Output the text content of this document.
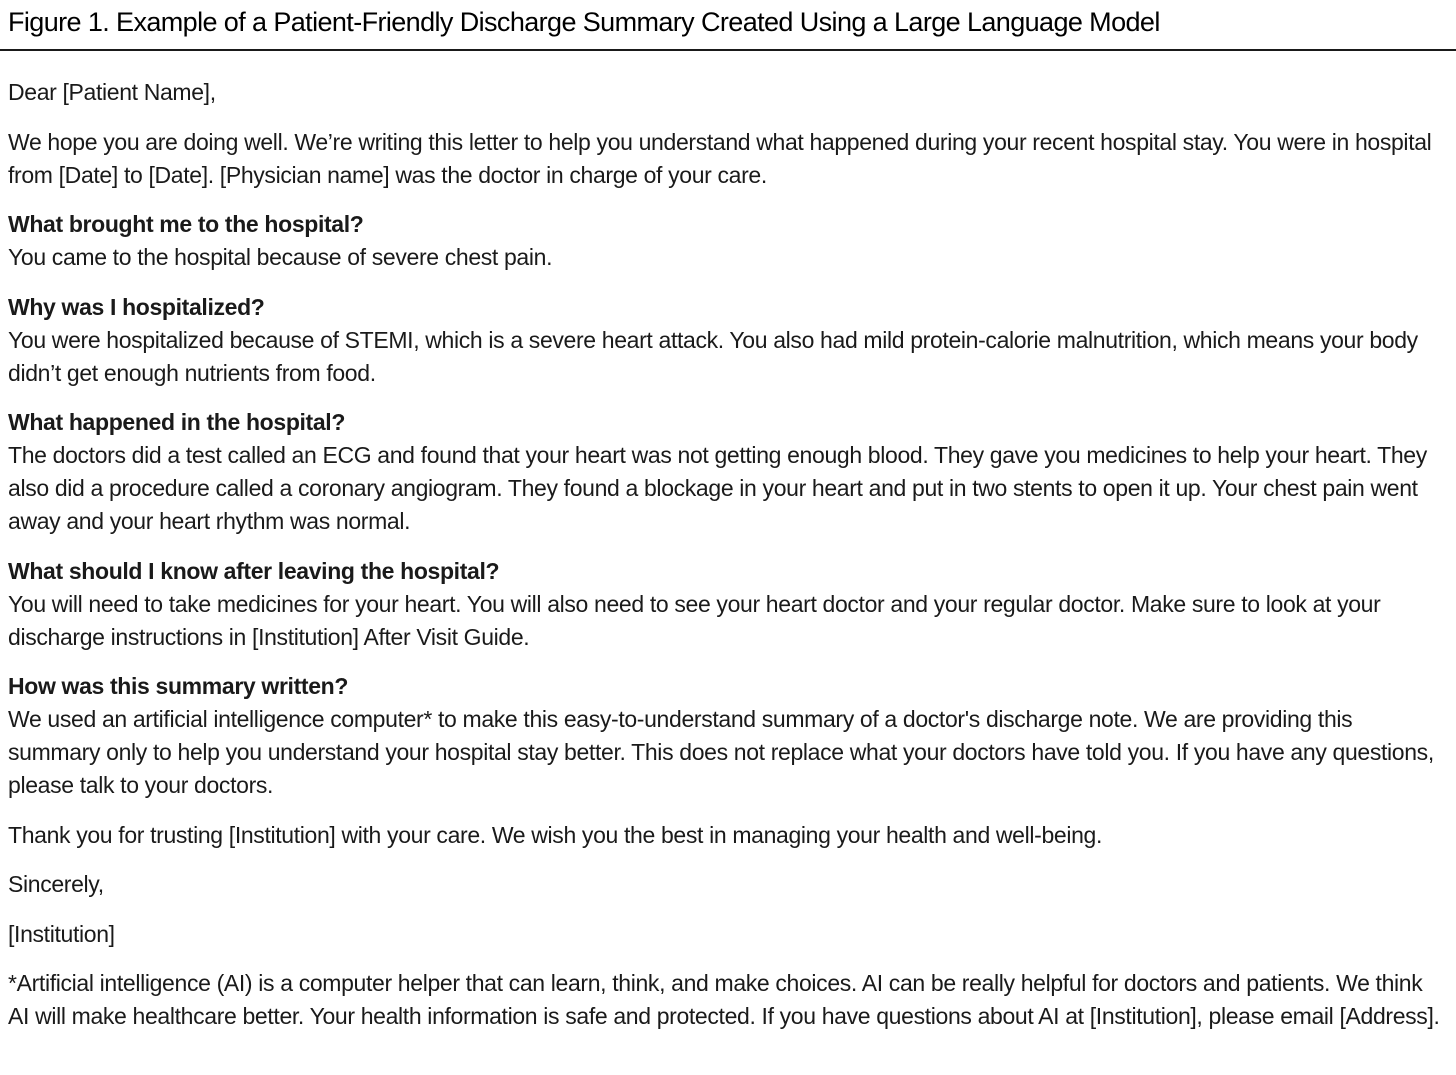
Figure 1. Example of a Patient-Friendly Discharge Summary Created Using a Large Language Model

Dear [Patient Name],

We hope you are doing well. We’re writing this letter to help you understand what happened during your recent hospital stay. You were in hospital from [Date] to [Date]. [Physician name] was the doctor in charge of your care.

What brought me to the hospital?
You came to the hospital because of severe chest pain.
Why was I hospitalized?
You were hospitalized because of STEMI, which is a severe heart attack. You also had mild protein-calorie malnutrition, which means your body didn’t get enough nutrients from food.
What happened in the hospital?
The doctors did a test called an ECG and found that your heart was not getting enough blood. They gave you medicines to help your heart. They also did a procedure called a coronary angiogram. They found a blockage in your heart and put in two stents to open it up. Your chest pain went away and your heart rhythm was normal.
What should I know after leaving the hospital?
You will need to take medicines for your heart. You will also need to see your heart doctor and your regular doctor. Make sure to look at your discharge instructions in [Institution] After Visit Guide.
How was this summary written?
We used an artificial intelligence computer* to make this easy-to-understand summary of a doctor's discharge note. We are providing this summary only to help you understand your hospital stay better. This does not replace what your doctors have told you. If you have any questions, please talk to your doctors.

Thank you for trusting [Institution] with your care. We wish you the best in managing your health and well-being.

Sincerely,

[Institution]

*Artificial intelligence (AI) is a computer helper that can learn, think, and make choices. AI can be really helpful for doctors and patients. We think AI will make healthcare better. Your health information is safe and protected. If you have questions about AI at [Institution], please email [Address].
